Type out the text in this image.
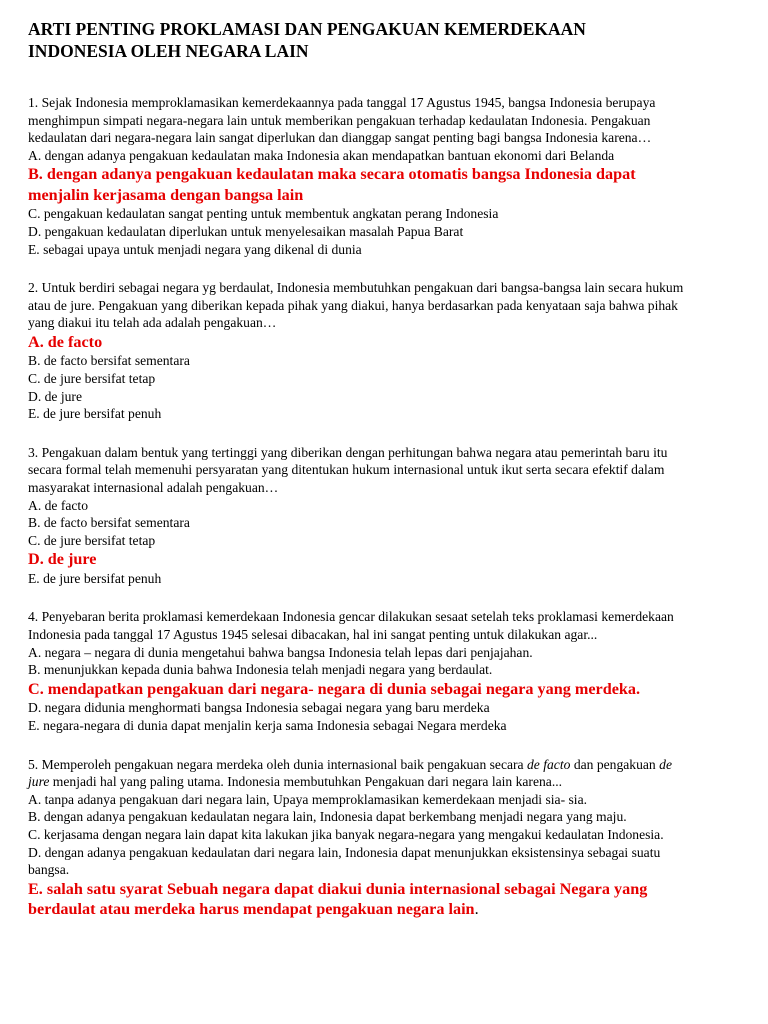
ARTI PENTING PROKLAMASI DAN PENGAKUAN KEMERDEKAAN
INDONESIA OLEH NEGARA LAIN
1. Sejak Indonesia memproklamasikan kemerdekaannya pada tanggal 17 Agustus 1945, bangsa Indonesia berupaya
menghimpun simpati negara-negara lain untuk memberikan pengakuan terhadap kedaulatan Indonesia. Pengakuan
kedaulatan dari negara-negara lain sangat diperlukan dan dianggap sangat penting bagi bangsa Indonesia karena…
A. dengan adanya pengakuan kedaulatan maka Indonesia akan mendapatkan bantuan ekonomi dari Belanda
B. dengan adanya pengakuan kedaulatan maka secara otomatis bangsa Indonesia dapat
menjalin kerjasama dengan bangsa lain
C. pengakuan kedaulatan sangat penting untuk membentuk angkatan perang Indonesia
D. pengakuan kedaulatan diperlukan untuk menyelesaikan masalah Papua Barat
E. sebagai upaya untuk menjadi negara yang dikenal di dunia
2. Untuk berdiri sebagai negara yg berdaulat, Indonesia membutuhkan pengakuan dari bangsa-bangsa lain secara hukum
atau de jure. Pengakuan yang diberikan kepada pihak yang diakui, hanya berdasarkan pada kenyataan saja bahwa pihak
yang diakui itu telah ada adalah pengakuan…
A. de facto
B. de facto bersifat sementara
C. de jure bersifat tetap
D. de jure
E. de jure bersifat penuh
3. Pengakuan dalam bentuk yang tertinggi yang diberikan dengan perhitungan bahwa negara atau pemerintah baru itu
secara formal telah memenuhi persyaratan yang ditentukan hukum internasional untuk ikut serta secara efektif dalam
masyarakat internasional adalah pengakuan…
A. de facto
B. de facto bersifat sementara
C. de jure bersifat tetap
D. de jure
E. de jure bersifat penuh
4. Penyebaran berita proklamasi kemerdekaan Indonesia gencar dilakukan sesaat setelah teks proklamasi kemerdekaan
Indonesia pada tanggal 17 Agustus 1945 selesai dibacakan, hal ini sangat penting untuk dilakukan agar...
A. negara – negara di dunia mengetahui bahwa bangsa Indonesia telah lepas dari penjajahan.
B. menunjukkan kepada dunia bahwa Indonesia telah menjadi negara yang berdaulat.
C. mendapatkan pengakuan dari negara- negara di dunia sebagai negara yang merdeka.
D. negara didunia menghormati bangsa Indonesia sebagai negara yang baru merdeka
E. negara-negara di dunia dapat menjalin kerja sama Indonesia sebagai Negara merdeka
5. Memperoleh pengakuan negara merdeka oleh dunia internasional baik pengakuan secara de facto dan pengakuan de
jure menjadi hal yang paling utama. Indonesia membutuhkan Pengakuan dari negara lain karena...
A. tanpa adanya pengakuan dari negara lain, Upaya memproklamasikan kemerdekaan menjadi sia- sia.
B. dengan adanya pengakuan kedaulatan negara lain, Indonesia dapat berkembang menjadi negara yang maju.
C. kerjasama dengan negara lain dapat kita lakukan jika banyak negara-negara yang mengakui kedaulatan Indonesia.
D. dengan adanya pengakuan kedaulatan dari negara lain, Indonesia dapat menunjukkan eksistensinya sebagai suatu
bangsa.
E. salah satu syarat Sebuah negara dapat diakui dunia internasional sebagai Negara yang
berdaulat atau merdeka harus mendapat pengakuan negara lain.
